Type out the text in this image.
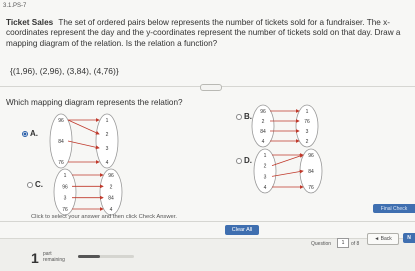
3.1.PS-7
Ticket Sales The set of ordered pairs below represents the number of tickets sold for a fundraiser. The x-coordinates represent the day and the y-coordinates represent the number of tickets sold on that day. Draw a mapping diagram of the relation. Is the relation a function?
{(1,96), (2,96), (3,84), (4,76)}
Which mapping diagram represents the relation?
A.
96
84
76
1
2
3
4
B. 96
2
84
4
1
76
3
2
C.
1
96
3
76
96
2
84
4
D. 1
2
3
4
96
84
76
Click to select your answer and then click Check Answer.
Final Check
Clear All
1 part
remaining
Question	1	of 8
◄ Back	N
